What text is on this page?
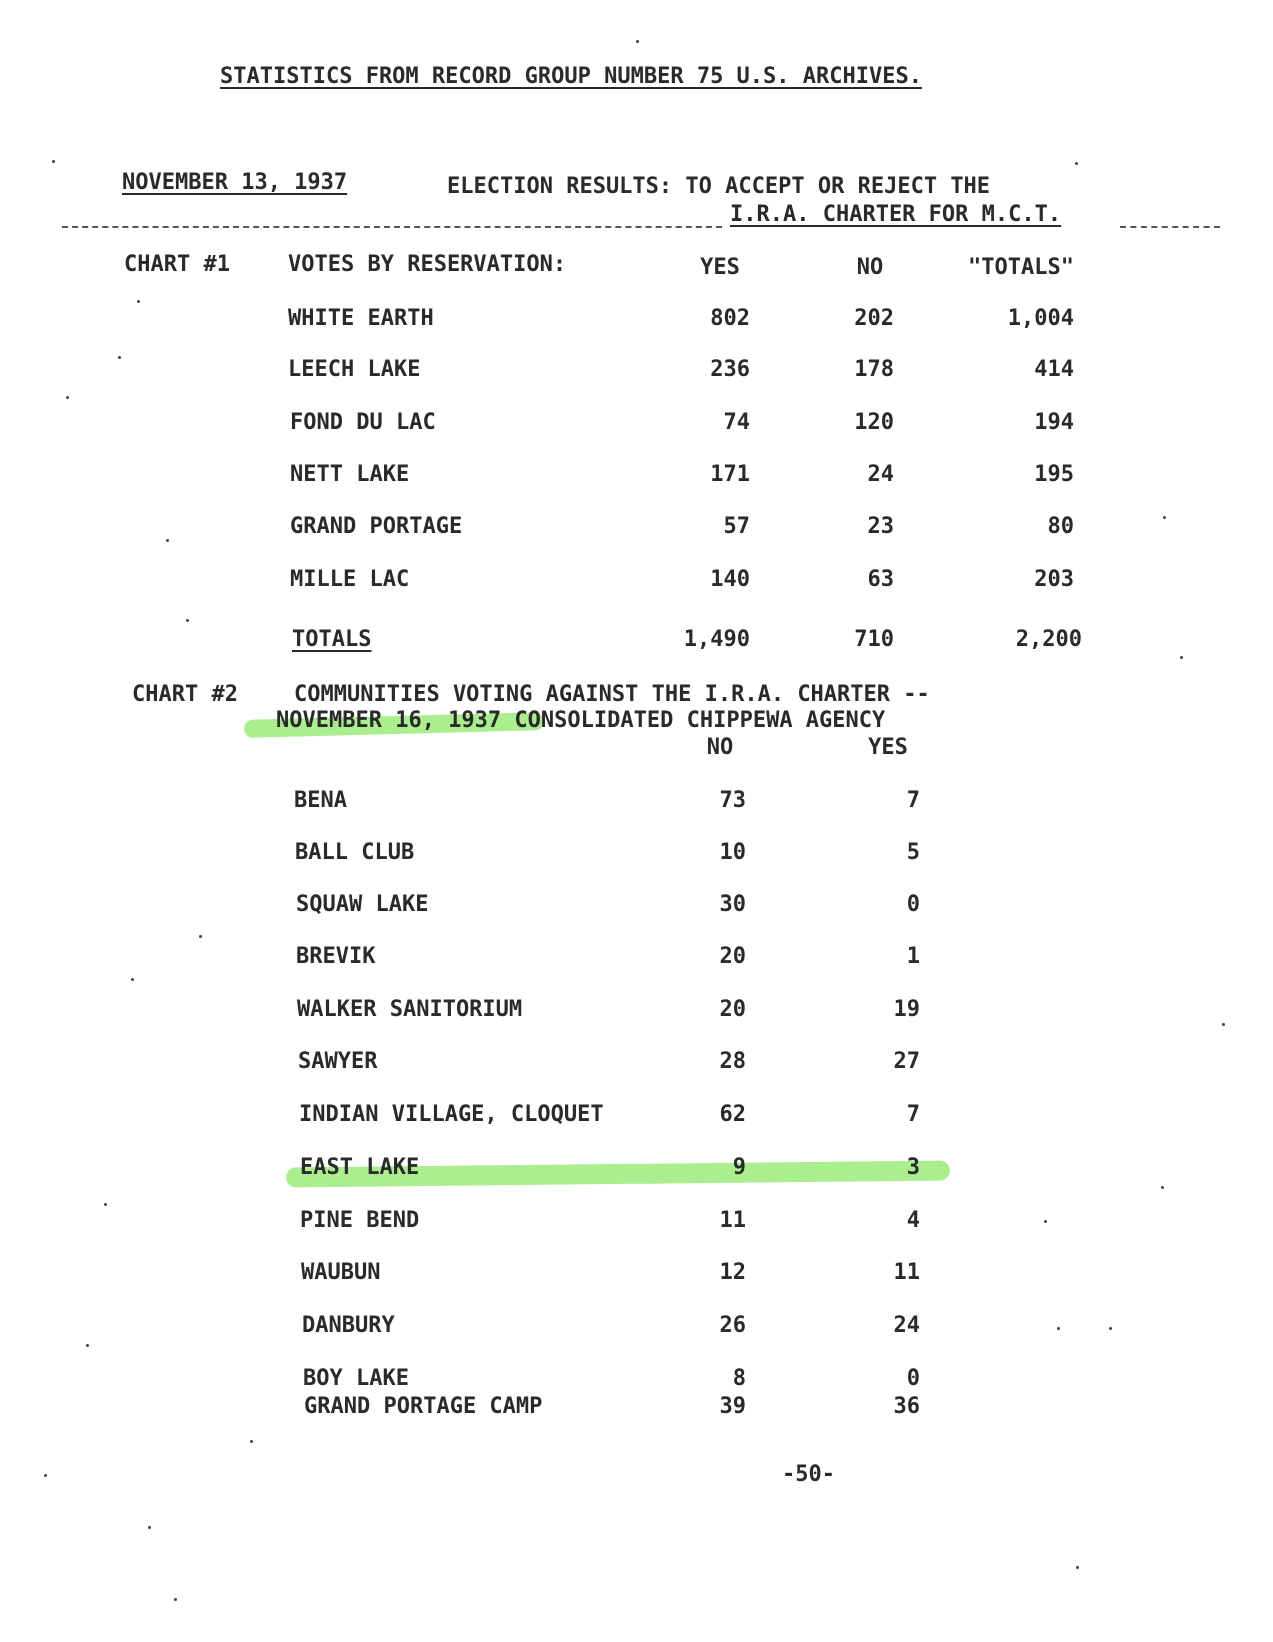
STATISTICS FROM RECORD GROUP NUMBER 75 U.S. ARCHIVES.
NOVEMBER 13, 1937	ELECTION RESULTS: TO ACCEPT OR REJECT THE
I.R.A. CHARTER FOR M.C.T.
CHART #1	VOTES BY RESERVATION:	YES	NO	"TOTALS"
WHITE EARTH	802	202	1,004
LEECH LAKE	236	178	414
FOND DU LAC	74	120	194
NETT LAKE	171	24	195
GRAND PORTAGE	57	23	80
MILLE LAC	140	63	203
TOTALS	1,490	710	2,200
CHART #2	COMMUNITIES VOTING AGAINST THE I.R.A. CHARTER --
NOVEMBER 16, 1937 CONSOLIDATED CHIPPEWA AGENCY
NO	YES
BENA	73	7
BALL CLUB	10	5
SQUAW LAKE	30	0
BREVIK	20	1
WALKER SANITORIUM	20	19
SAWYER	28	27
INDIAN VILLAGE, CLOQUET	62	7
EAST LAKE	9	3
PINE BEND	11	4
WAUBUN	12	11
DANBURY	26	24
BOY LAKE	8	0
GRAND PORTAGE CAMP	39	36
-50-
